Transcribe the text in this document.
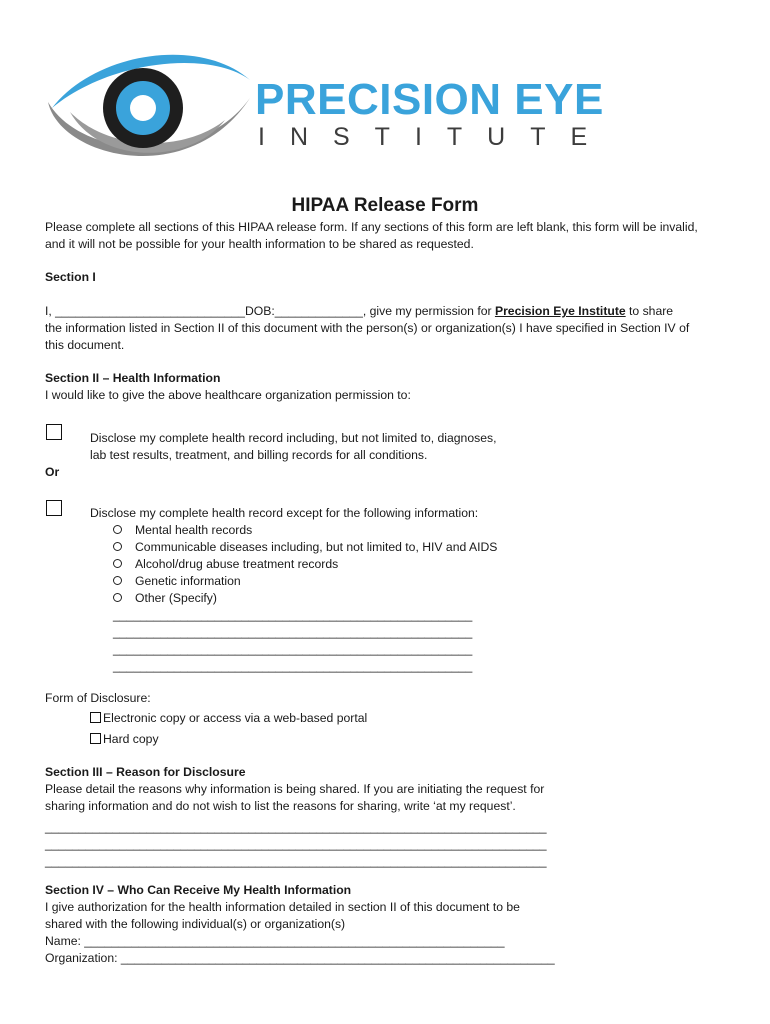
PRECISION EYE
INSTITUTE
HIPAA Release Form
Please complete all sections of this HIPAA release form. If any sections of this form are left blank, this form will be invalid,
and it will not be possible for your health information to be shared as requested.
Section I
I, ____________________________DOB:_____________, give my permission for Precision Eye Institute to share
the information listed in Section II of this document with the person(s) or organization(s) I have specified in Section IV of
this document.
Section II – Health Information
I would like to give the above healthcare organization permission to:
Disclose my complete health record including, but not limited to, diagnoses,
lab test results, treatment, and billing records for all conditions.
Or
Disclose my complete health record except for the following information:
Mental health records
Communicable diseases including, but not limited to, HIV and AIDS
Alcohol/drug abuse treatment records
Genetic information
Other (Specify)
_____________________________________________________
_____________________________________________________
_____________________________________________________
_____________________________________________________
Form of Disclosure:
Electronic copy or access via a web-based portal
Hard copy
Section III – Reason for Disclosure
Please detail the reasons why information is being shared. If you are initiating the request for
sharing information and do not wish to list the reasons for sharing, write ‘at my request’.
__________________________________________________________________________
__________________________________________________________________________
__________________________________________________________________________
Section IV – Who Can Receive My Health Information
I give authorization for the health information detailed in section II of this document to be
shared with the following individual(s) or organization(s)
Name: ______________________________________________________________
Organization: ________________________________________________________________
